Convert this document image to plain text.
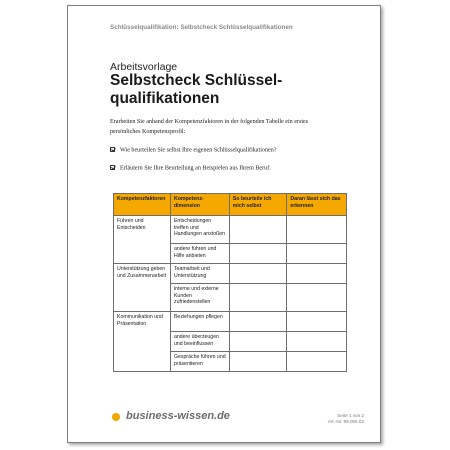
Schlüsselqualifikation: Selbstcheck Schlüsselqualifikationen
Arbeitsvorlage
Selbstcheck Schlüssel-
qualifikationen
Erarbeiten Sie anhand der Kompetenzfaktoren in der folgenden Tabelle ein erstes persönliches Kompetenzprofil:
Wie beurteilen Sie selbst Ihre eigenen Schlüsselqualifikationen?
Erläutern Sie Ihre Beurteilung an Beispielen aus Ihrem Beruf.
Kompetenzfaktoren	Kompetenz-dimension	So beurteile ich mich selbst	Daran lässt sich das erkennen
Führen und Entscheiden	Entscheidungen treffen und Handlungen anstoßen		
	andere führen und Hilfe anbieten		
Unterstützung geben und Zusammenarbeit	Teamarbeit und Unterstützung		
	interne und externe Kunden zufriedenstellen		
Kommunikation und Präsentation	Beziehungen pflegen		
	andere überzeugen und beeinflussen		
	Gespräche führen und präsentieren		
business-wissen.de	Seite 1 von 2
Art.-Nr. 99.005.02
